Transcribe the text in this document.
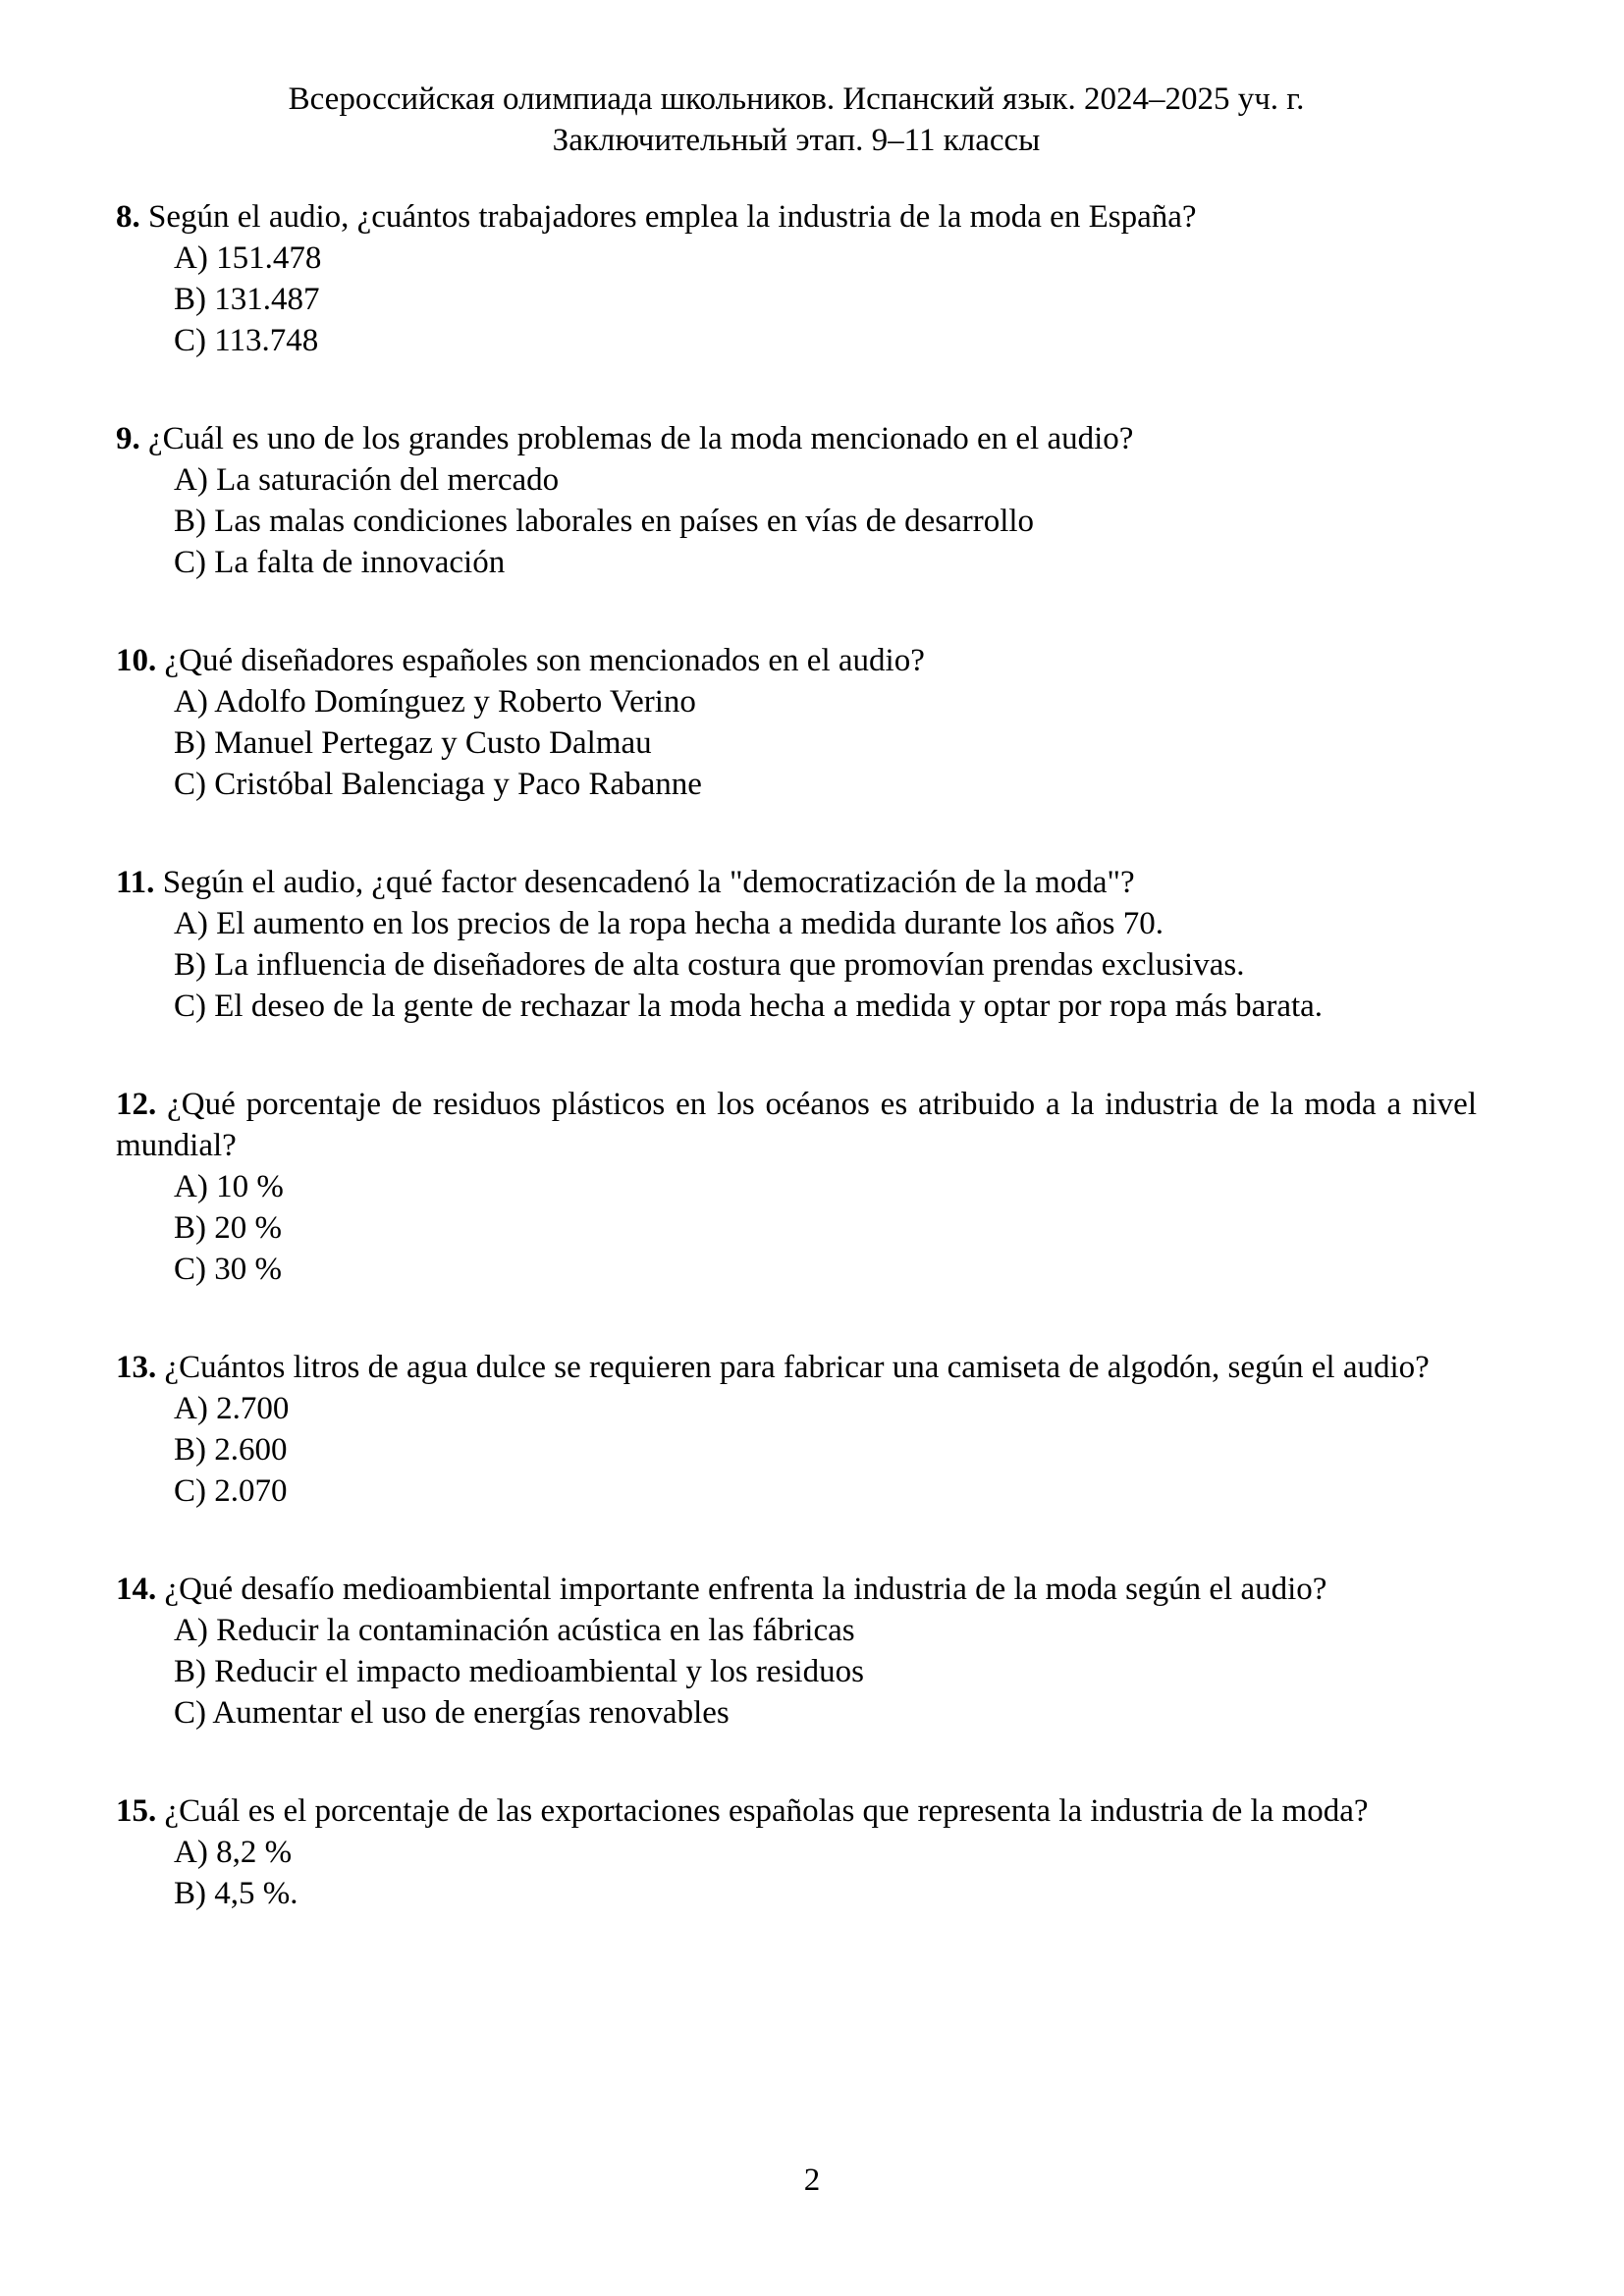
Всероссийская олимпиада школьников. Испанский язык. 2024–2025 уч. г.

Заключительный этап. 9–11 классы

8. Según el audio, ¿cuántos trabajadores emplea la industria de la moda en España?

A) 151.478

B) 131.487

C) 113.748

9. ¿Cuál es uno de los grandes problemas de la moda mencionado en el audio?

A) La saturación del mercado

B) Las malas condiciones laborales en países en vías de desarrollo

C) La falta de innovación

10. ¿Qué diseñadores españoles son mencionados en el audio?

A) Adolfo Domínguez y Roberto Verino

B) Manuel Pertegaz y Custo Dalmau

C) Cristóbal Balenciaga y Paco Rabanne

11. Según el audio, ¿qué factor desencadenó la "democratización de la moda"?

A) El aumento en los precios de la ropa hecha a medida durante los años 70.

B) La influencia de diseñadores de alta costura que promovían prendas exclusivas.

C) El deseo de la gente de rechazar la moda hecha a medida y optar por ropa más barata.

12. ¿Qué porcentaje de residuos plásticos en los océanos es atribuido a la industria de la moda a nivel mundial?

A) 10 %

B) 20 %

C) 30 %

13. ¿Cuántos litros de agua dulce se requieren para fabricar una camiseta de algodón, según el audio?

A) 2.700

B) 2.600

C) 2.070

14. ¿Qué desafío medioambiental importante enfrenta la industria de la moda según el audio?

A) Reducir la contaminación acústica en las fábricas

B) Reducir el impacto medioambiental y los residuos

C) Aumentar el uso de energías renovables

15. ¿Cuál es el porcentaje de las exportaciones españolas que representa la industria de la moda?

A) 8,2 %

B) 4,5 %.

2
